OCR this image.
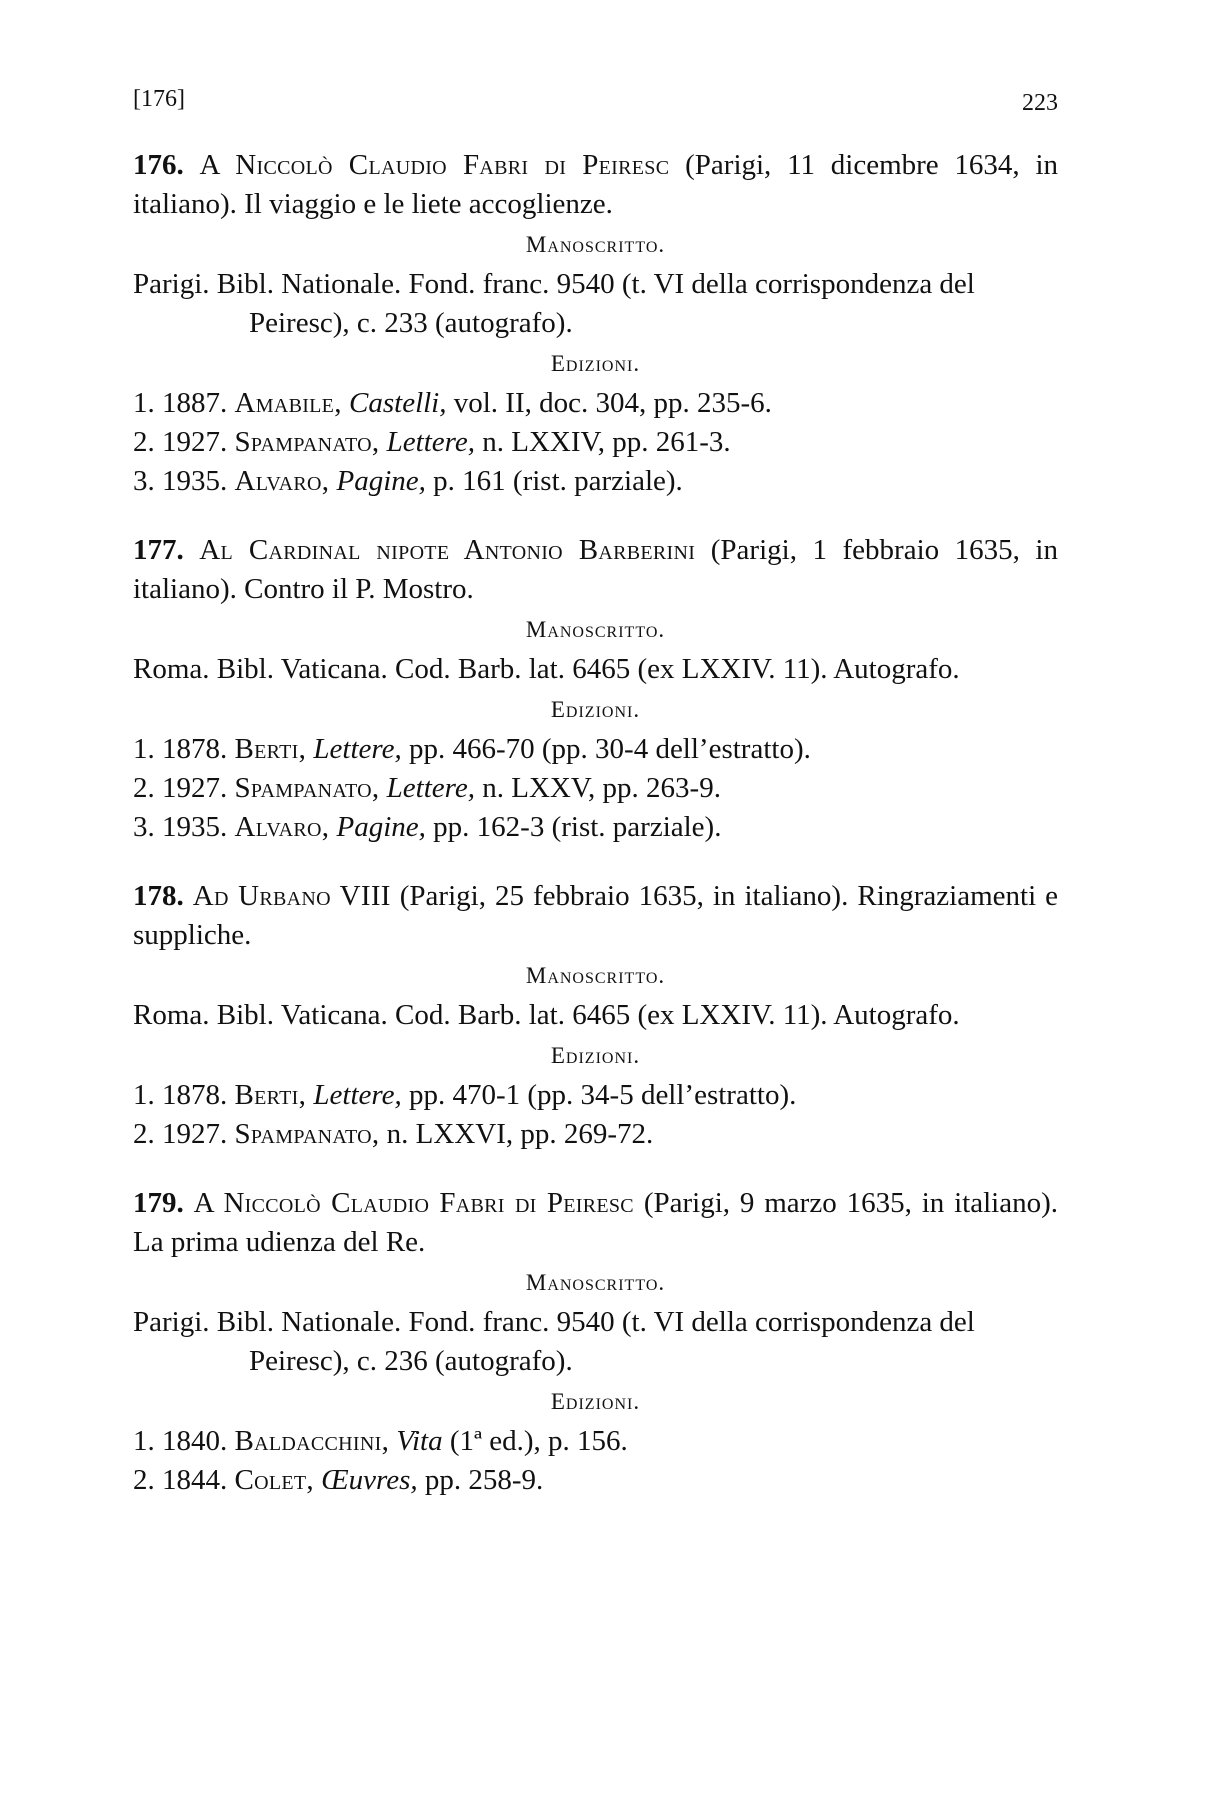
[176]	223

176. A Niccolò Claudio Fabri di Peiresc (Parigi, 11 dicembre 1634, in italiano). Il viaggio e le liete accoglienze.

Manoscritto.

Parigi. Bibl. Nationale. Fond. franc. 9540 (t. VI della corrispondenza del Peiresc), c. 233 (autografo).

Edizioni.
1. 1887. Amabile, Castelli, vol. II, doc. 304, pp. 235-6.
2. 1927. Spampanato, Lettere, n. LXXIV, pp. 261-3.
3. 1935. Alvaro, Pagine, p. 161 (rist. parziale).

177. Al Cardinal nipote Antonio Barberini (Parigi, 1 febbraio 1635, in italiano). Contro il P. Mostro.

Manoscritto.

Roma. Bibl. Vaticana. Cod. Barb. lat. 6465 (ex LXXIV. 11). Autografo.

Edizioni.
1. 1878. Berti, Lettere, pp. 466-70 (pp. 30-4 dell’estratto).
2. 1927. Spampanato, Lettere, n. LXXV, pp. 263-9.
3. 1935. Alvaro, Pagine, pp. 162-3 (rist. parziale).

178. Ad Urbano VIII (Parigi, 25 febbraio 1635, in italiano). Ringraziamenti e suppliche.

Manoscritto.

Roma. Bibl. Vaticana. Cod. Barb. lat. 6465 (ex LXXIV. 11). Autografo.

Edizioni.
1. 1878. Berti, Lettere, pp. 470-1 (pp. 34-5 dell’estratto).
2. 1927. Spampanato, n. LXXVI, pp. 269-72.

179. A Niccolò Claudio Fabri di Peiresc (Parigi, 9 marzo 1635, in italiano). La prima udienza del Re.

Manoscritto.

Parigi. Bibl. Nationale. Fond. franc. 9540 (t. VI della corrispondenza del Peiresc), c. 236 (autografo).

Edizioni.
1. 1840. Baldacchini, Vita (1ª ed.), p. 156.
2. 1844. Colet, Œuvres, pp. 258-9.
